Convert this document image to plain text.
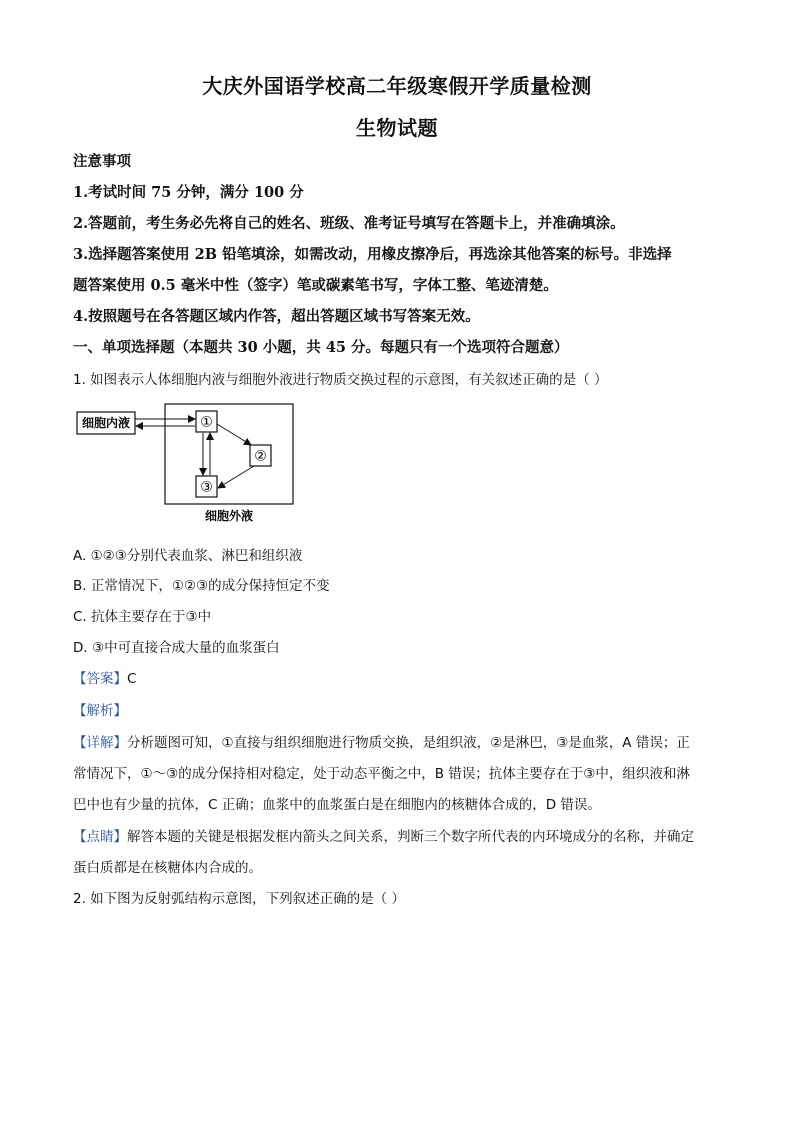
大庆外国语学校高二年级寒假开学质量检测
生物试题
注意事项
1.考试时间 75 分钟，满分 100 分
2.答题前，考生务必先将自己的姓名、班级、准考证号填写在答题卡上，并准确填涂。
3.选择题答案使用 2B 铅笔填涂，如需改动，用橡皮擦净后，再选涂其他答案的标号。非选择
题答案使用 0.5 毫米中性（签字）笔或碳素笔书写，字体工整、笔迹清楚。
4.按照题号在各答题区域内作答，超出答题区域书写答案无效。
一、单项选择题（本题共 30 小题，共 45 分。每题只有一个选项符合题意）
1. 如图表示人体细胞内液与细胞外液进行物质交换过程的示意图，有关叙述正确的是（ ）
细胞内液	①
②
③
细胞外液
A. ①②③分别代表血浆、淋巴和组织液
B. 正常情况下，①②③的成分保持恒定不变
C. 抗体主要存在于③中
D. ③中可直接合成大量的血浆蛋白
【答案】C
【解析】
【详解】分析题图可知，①直接与组织细胞进行物质交换，是组织液，②是淋巴，③是血浆，A 错误；正
常情况下，①～③的成分保持相对稳定，处于动态平衡之中，B 错误；抗体主要存在于③中，组织液和淋
巴中也有少量的抗体，C 正确；血浆中的血浆蛋白是在细胞内的核糖体合成的，D 错误。
【点睛】解答本题的关键是根据发框内箭头之间关系，判断三个数字所代表的内环境成分的名称，并确定
蛋白质都是在核糖体内合成的。
2. 如下图为反射弧结构示意图，下列叙述正确的是（ ）
